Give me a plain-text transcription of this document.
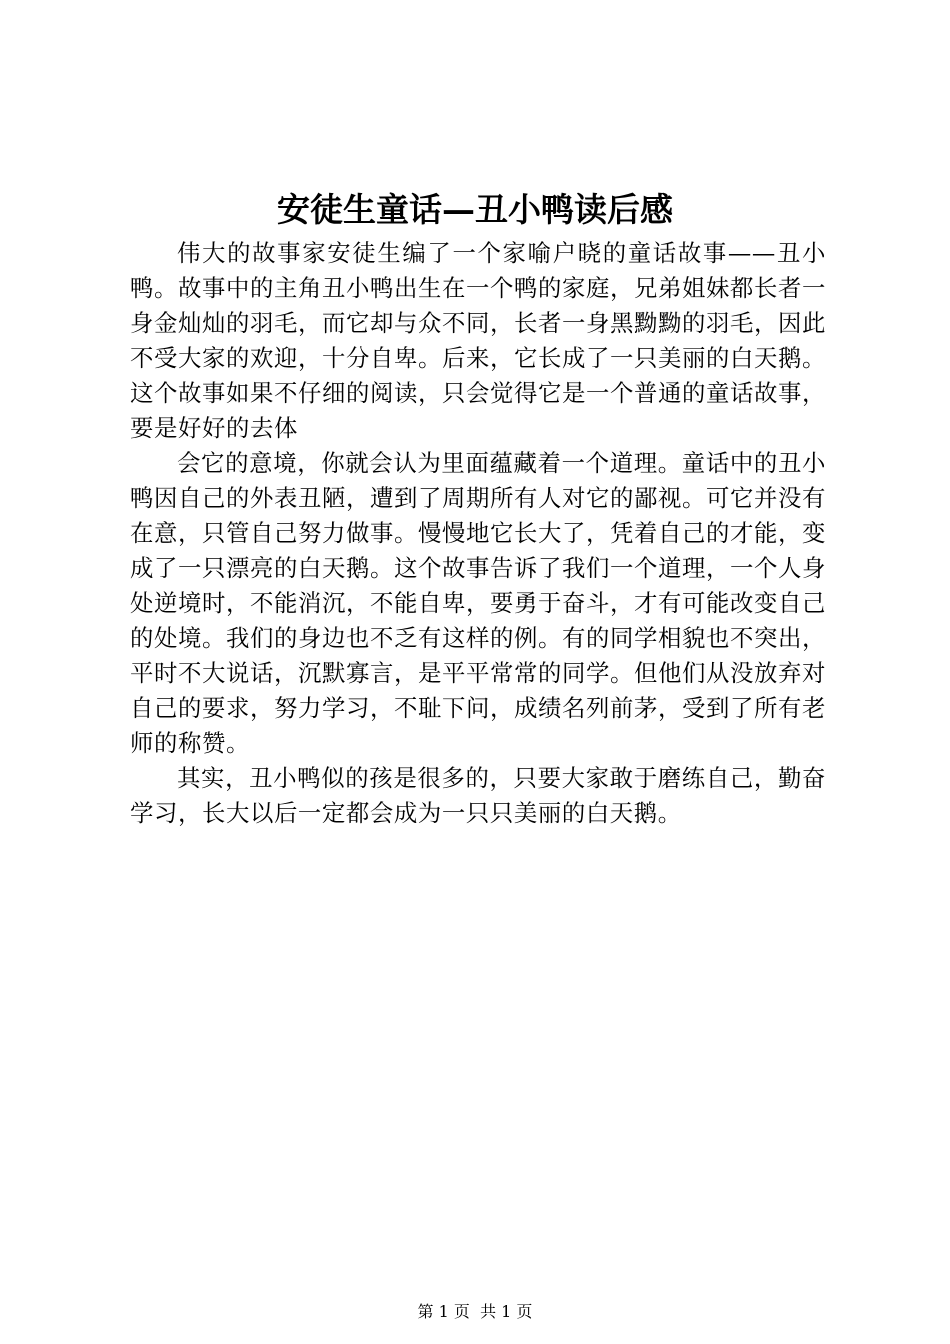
安徒生童话—丑小鸭读后感

伟大的故事家安徒生编了一个家喻户晓的童话故事——丑小鸭。故事中的主角丑小鸭出生在一个鸭的家庭，兄弟姐妹都长者一身金灿灿的羽毛，而它却与众不同，长者一身黑黝黝的羽毛，因此不受大家的欢迎，十分自卑。后来，它长成了一只美丽的白天鹅。这个故事如果不仔细的阅读，只会觉得它是一个普通的童话故事，要是好好的去体

会它的意境，你就会认为里面蕴藏着一个道理。童话中的丑小鸭因自己的外表丑陋，遭到了周期所有人对它的鄙视。可它并没有在意，只管自己努力做事。慢慢地它长大了，凭着自己的才能，变成了一只漂亮的白天鹅。这个故事告诉了我们一个道理，一个人身处逆境时，不能消沉，不能自卑，要勇于奋斗，才有可能改变自己的处境。我们的身边也不乏有这样的例。有的同学相貌也不突出，平时不大说话，沉默寡言，是平平常常的同学。但他们从没放弃对自己的要求，努力学习，不耻下问，成绩名列前茅，受到了所有老师的称赞。

其实，丑小鸭似的孩是很多的，只要大家敢于磨练自己，勤奋学习，长大以后一定都会成为一只只美丽的白天鹅。

第 1 页  共 1 页
